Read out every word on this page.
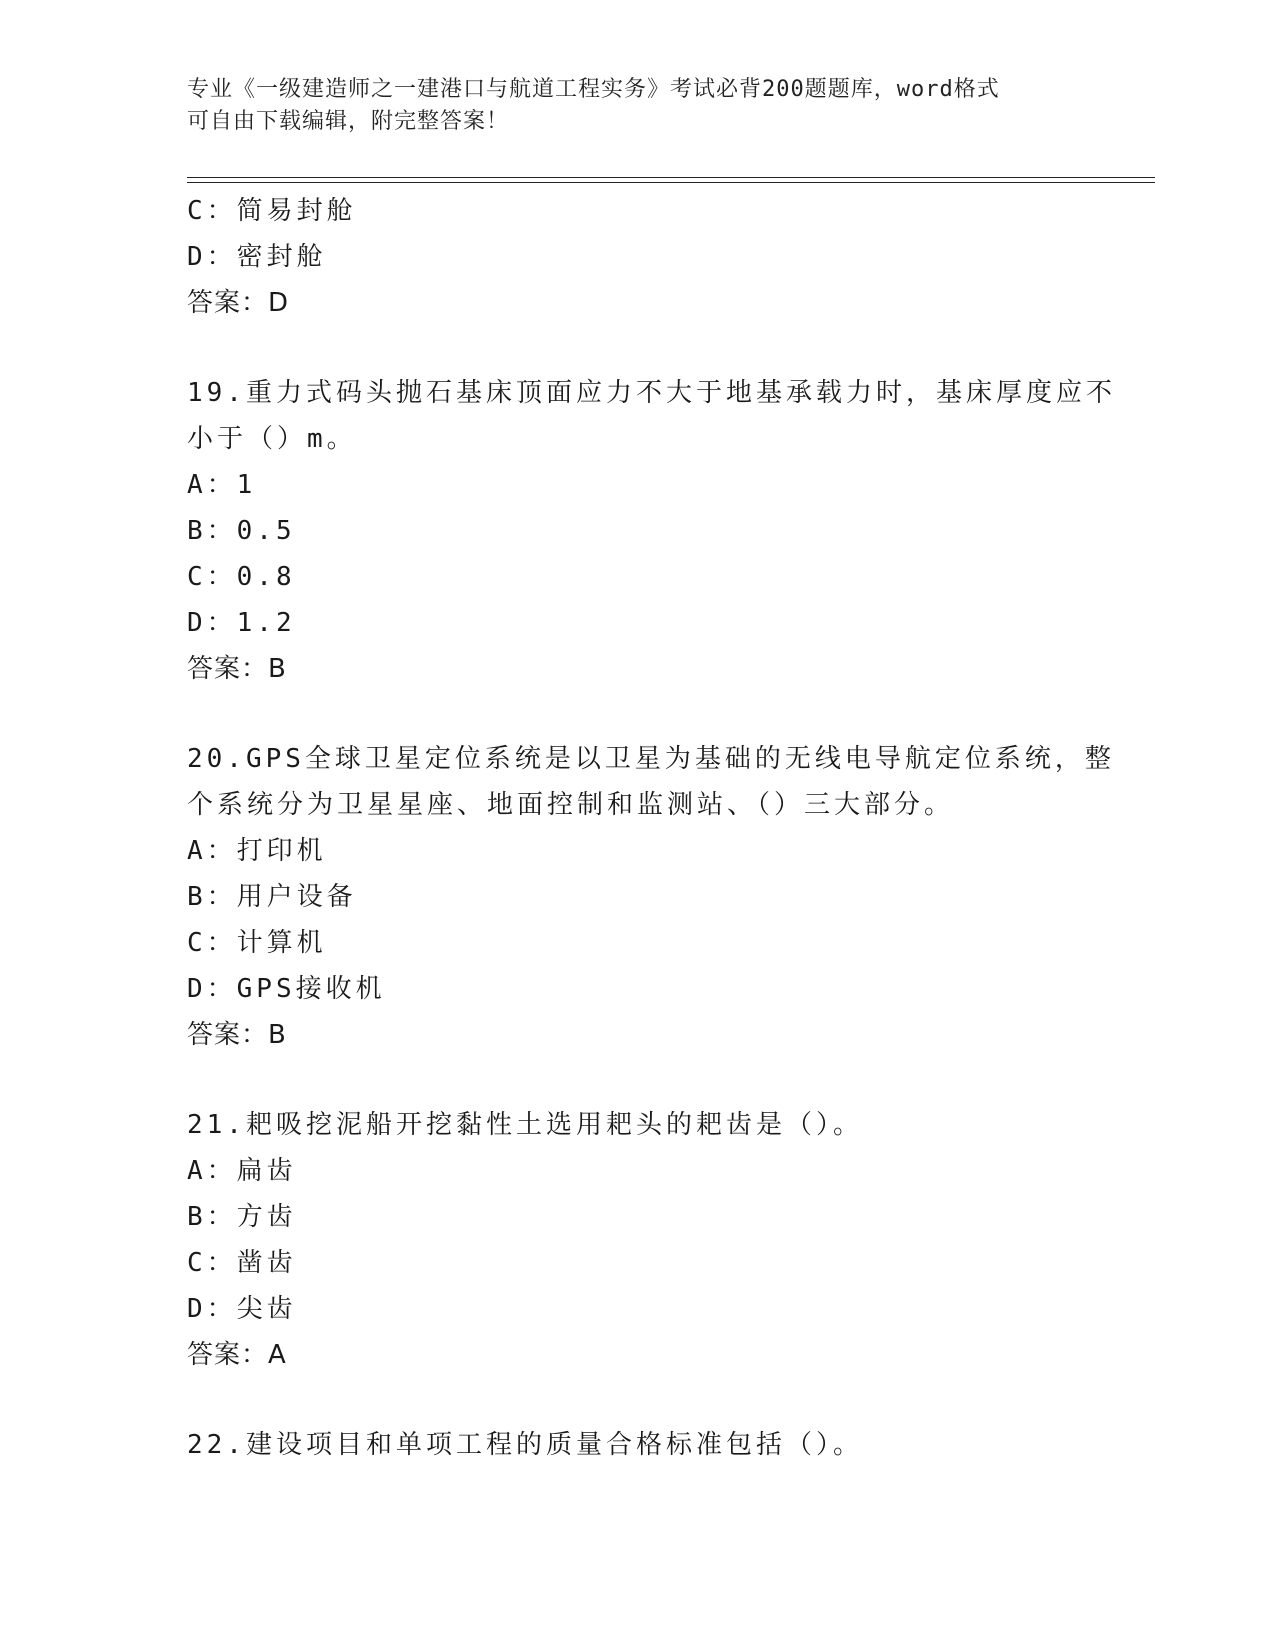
专业《一级建造师之一建港口与航道工程实务》考试必背200题题库，word格式
可自由下载编辑，附完整答案！
C：简易封舱
D：密封舱
答案：D
19.重力式码头抛石基床顶面应力不大于地基承载力时，基床厚度应不
小于（）m。
A：1
B：0.5
C：0.8
D：1.2
答案：B
20.GPS全球卫星定位系统是以卫星为基础的无线电导航定位系统，整
个系统分为卫星星座、地面控制和监测站、（）三大部分。
A：打印机
B：用户设备
C：计算机
D：GPS接收机
答案：B
21.耙吸挖泥船开挖黏性土选用耙头的耙齿是（）。
A：扁齿
B：方齿
C：凿齿
D：尖齿
答案：A
22.建设项目和单项工程的质量合格标准包括（）。
